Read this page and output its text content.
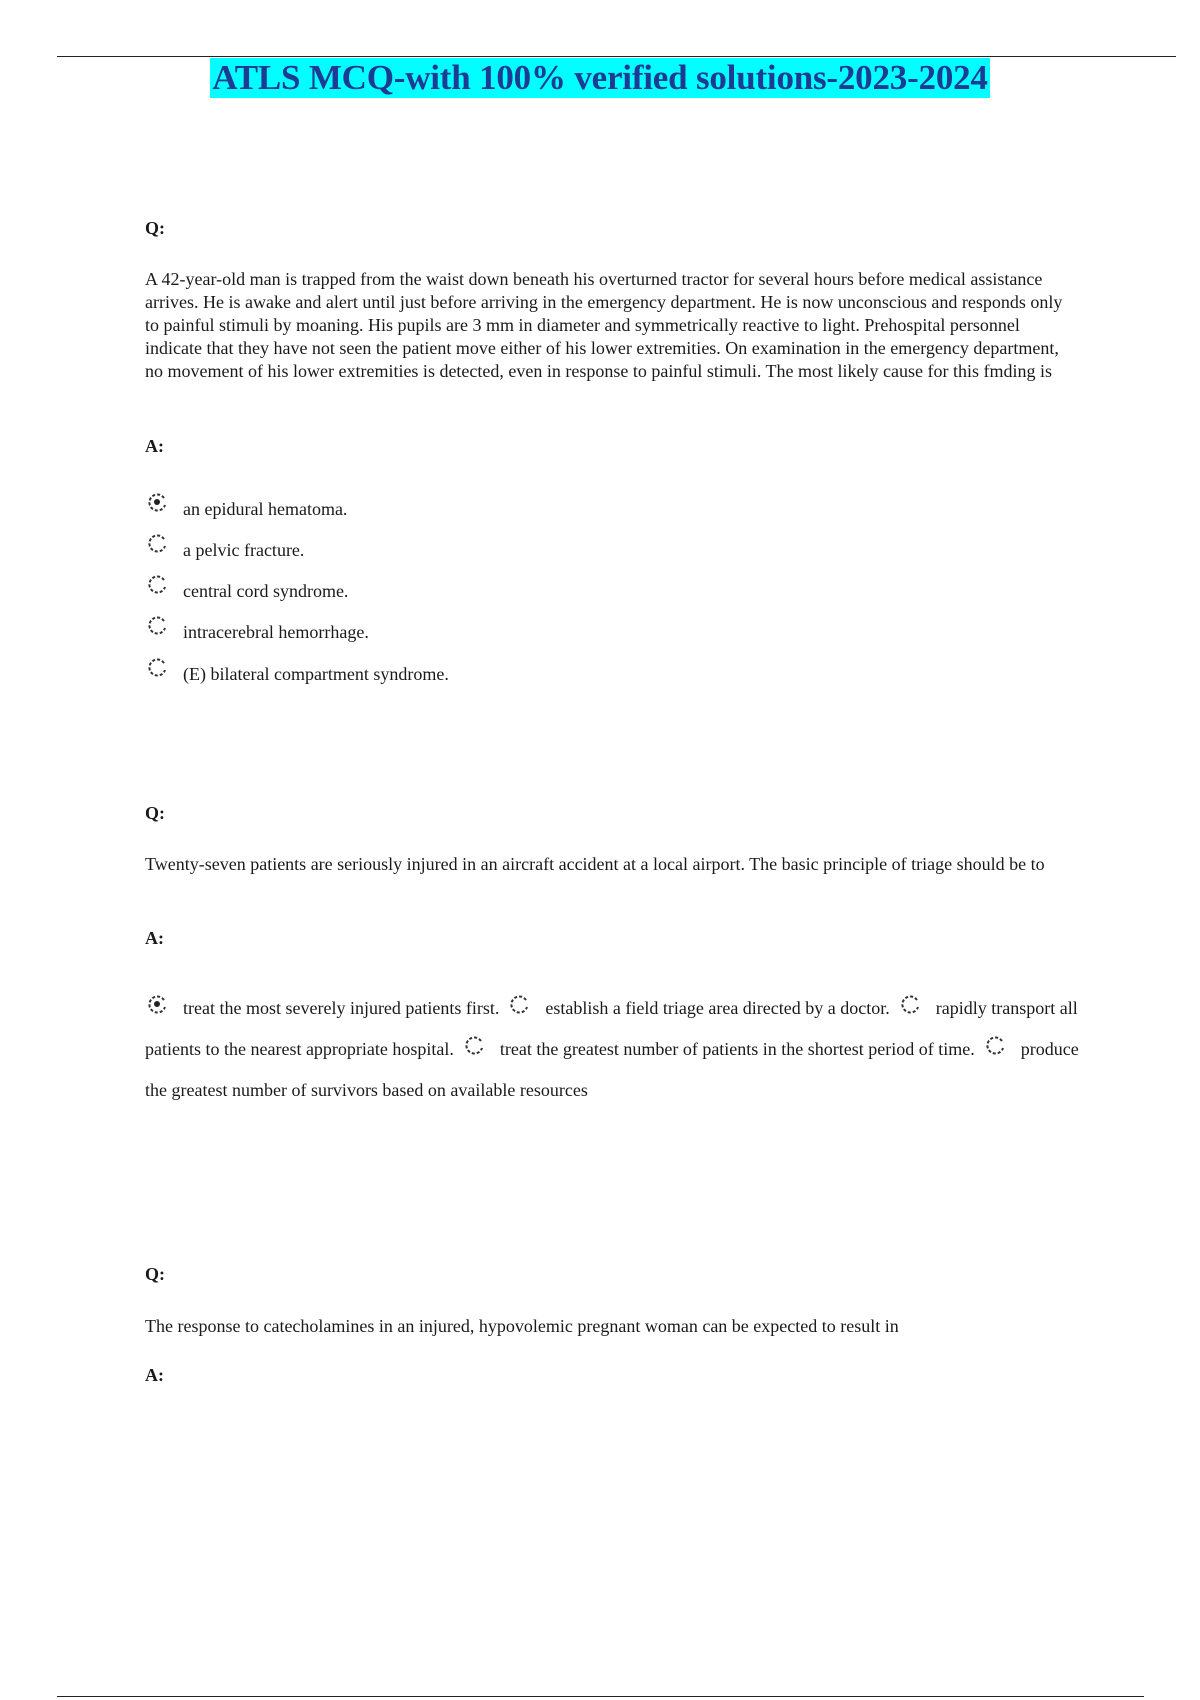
ATLS MCQ-with 100% verified solutions-2023-2024
Q:

A 42-year-old man is trapped from the waist down beneath his overturned tractor for several hours before medical assistance arrives. He is awake and alert until just before arriving in the emergency department. He is now unconscious and responds only to painful stimuli by moaning. His pupils are 3 mm in diameter and symmetrically reactive to light. Prehospital personnel indicate that they have not seen the patient move either of his lower extremities. On examination in the emergency department, no movement of his lower extremities is detected, even in response to painful stimuli. The most likely cause for this fmding is

A:
an epidural hematoma.
a pelvic fracture.
central cord syndrome.
intracerebral hemorrhage.
(E) bilateral compartment syndrome.
Q:

Twenty-seven patients are seriously injured in an aircraft accident at a local airport. The basic principle of triage should be to

A:

treat the most severely injured patients first.	establish a field triage area directed by a doctor.	rapidly transport all patients to the nearest appropriate hospital.	treat the greatest number of patients in the shortest period of time.	produce the greatest number of survivors based on available resources

Q:

The response to catecholamines in an injured, hypovolemic pregnant woman can be expected to result in

A:
